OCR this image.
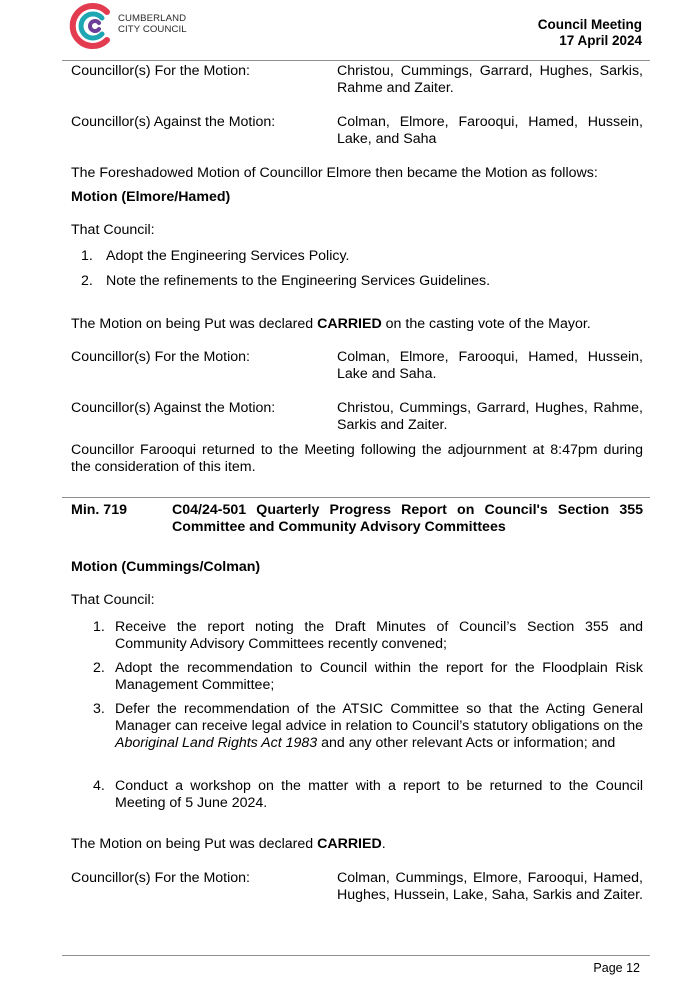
CUMBERLAND
CITY COUNCIL	Council Meeting
17 April 2024
Councillor(s) For the Motion:	Christou, Cummings, Garrard, Hughes, Sarkis, Rahme and Zaiter.
Councillor(s) Against the Motion:	Colman, Elmore, Farooqui, Hamed, Hussein, Lake, and Saha
The Foreshadowed Motion of Councillor Elmore then became the Motion as follows:
Motion (Elmore/Hamed)
That Council:
1. Adopt the Engineering Services Policy.
2. Note the refinements to the Engineering Services Guidelines.
The Motion on being Put was declared CARRIED on the casting vote of the Mayor.
Councillor(s) For the Motion:	Colman, Elmore, Farooqui, Hamed, Hussein, Lake and Saha.
Councillor(s) Against the Motion:	Christou, Cummings, Garrard, Hughes, Rahme, Sarkis and Zaiter.
Councillor Farooqui returned to the Meeting following the adjournment at 8:47pm during the consideration of this item.
Min. 719	C04/24-501 Quarterly Progress Report on Council's Section 355 Committee and Community Advisory Committees
Motion (Cummings/Colman)
That Council:
1. Receive the report noting the Draft Minutes of Council’s Section 355 and Community Advisory Committees recently convened;
2. Adopt the recommendation to Council within the report for the Floodplain Risk Management Committee;
3. Defer the recommendation of the ATSIC Committee so that the Acting General Manager can receive legal advice in relation to Council’s statutory obligations on the Aboriginal Land Rights Act 1983 and any other relevant Acts or information; and
4. Conduct a workshop on the matter with a report to be returned to the Council Meeting of 5 June 2024.
The Motion on being Put was declared CARRIED.
Councillor(s) For the Motion:	Colman, Cummings, Elmore, Farooqui, Hamed, Hughes, Hussein, Lake, Saha, Sarkis and Zaiter.
Page 12
